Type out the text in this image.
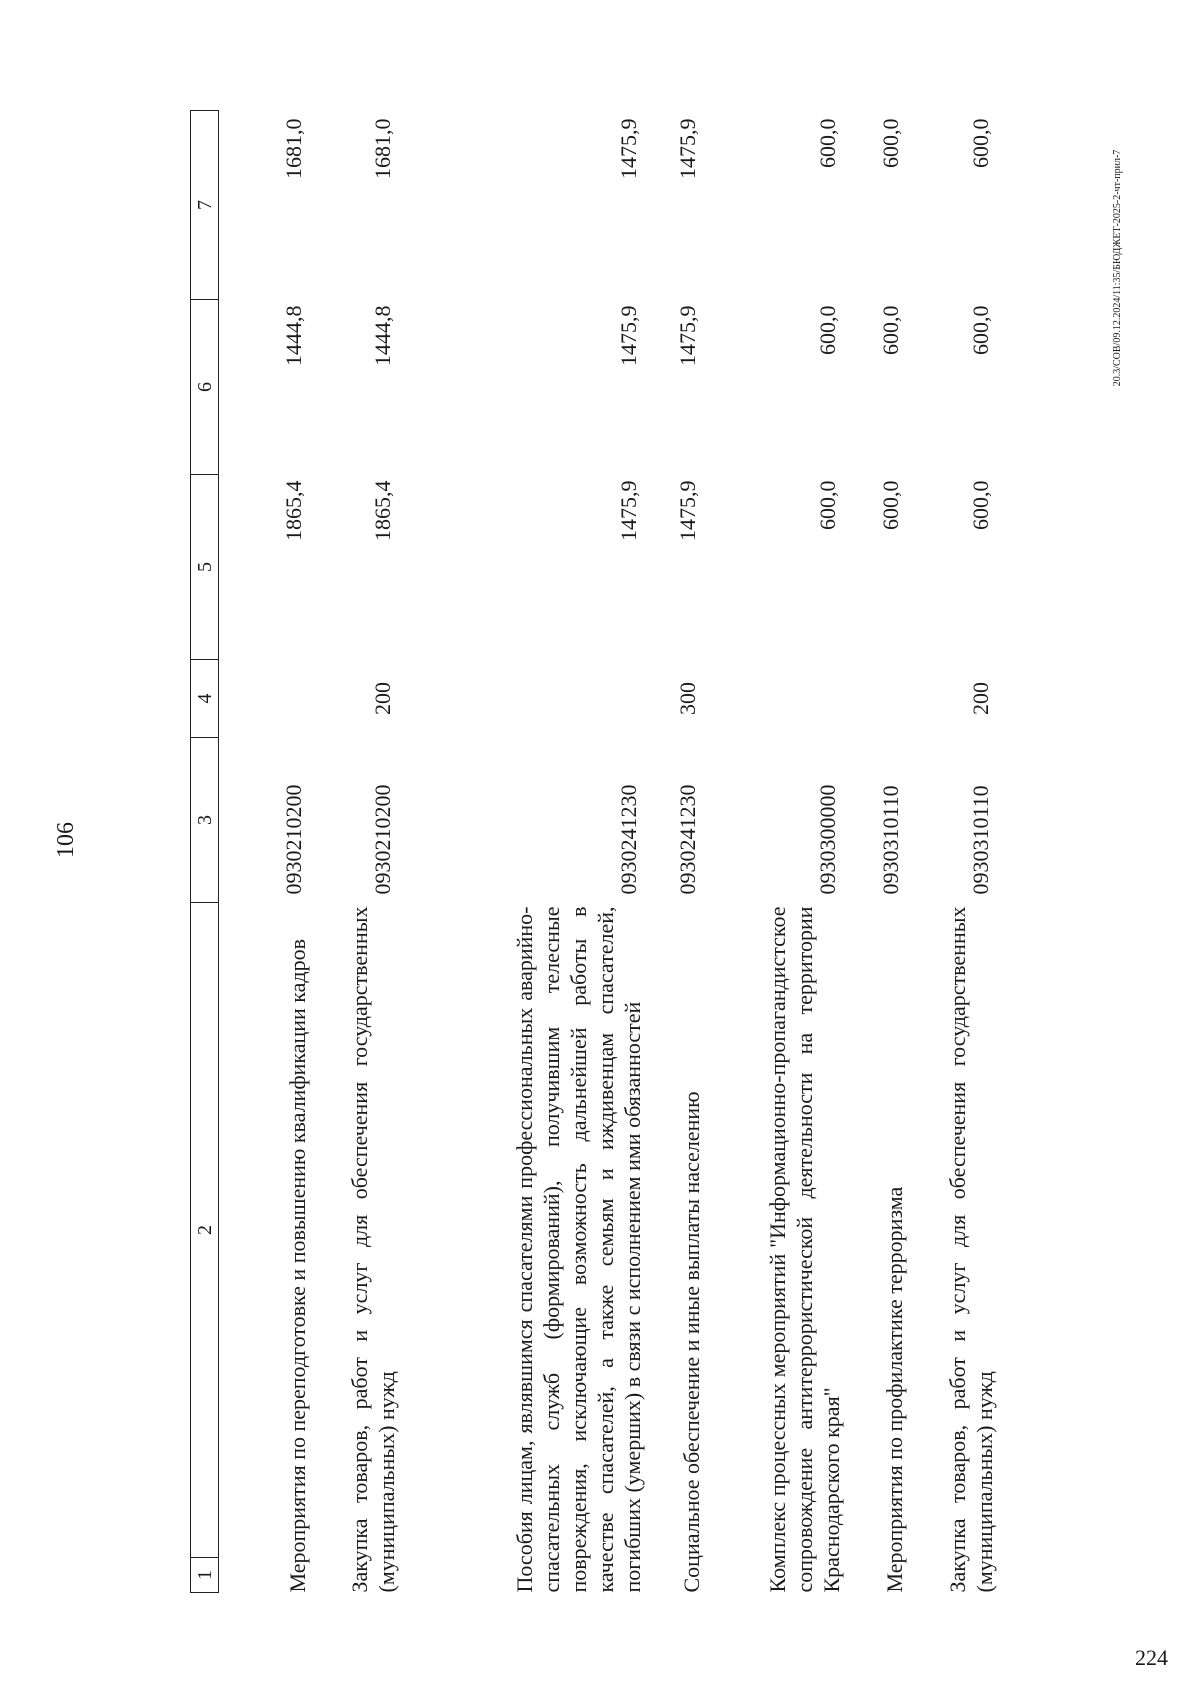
106
1	2	3	4	5	6	7
Мероприятия по переподготовке и повышению квалификации кадров		0930210200		1865,4	1444,8	1681,0
Закупка товаров, работ и услуг для обеспечения государственных (муниципальных) нужд		0930210200	200	1865,4	1444,8	1681,0
Пособия лицам, являвшимся спасателями профессиональных аварийно-спасательных служб (формирований), получившим телесные повреждения, исключающие возможность дальнейшей работы в качестве спасателей, а также семьям и иждивенцам спасателей, погибших (умерших) в связи с исполнением ими обязанностей		0930241230		1475,9	1475,9	1475,9
Социальное обеспечение и иные выплаты населению		0930241230	300	1475,9	1475,9	1475,9
Комплекс процессных мероприятий "Информационно-пропагандистское сопровождение антитеррористической деятельности на территории Краснодарского края"		0930300000		600,0	600,0	600,0
Мероприятия по профилактике терроризма		0930310110		600,0	600,0	600,0
Закупка товаров, работ и услуг для обеспечения государственных (муниципальных) нужд		0930310110	200	600,0	600,0	600,0
20.3/СОВ/09.12.2024/11:35/БЮДЖЕТ-2025-2-чт-прил-7
224
